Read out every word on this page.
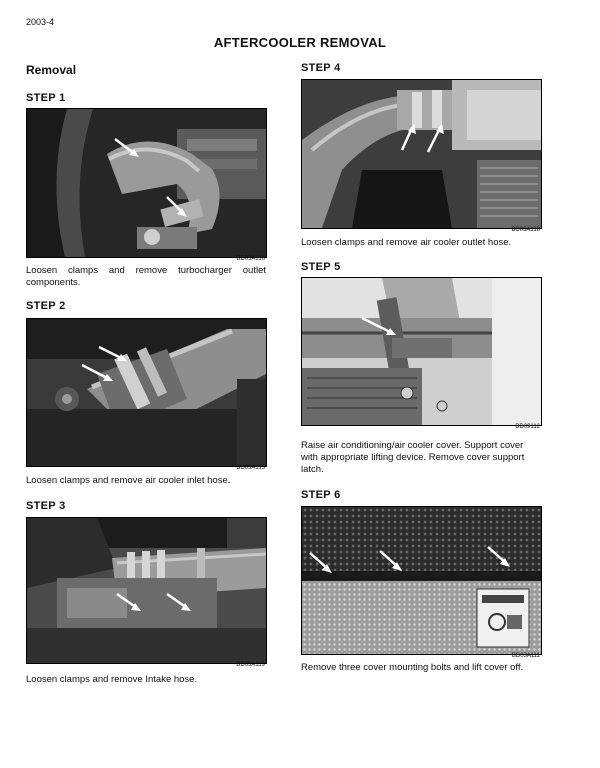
2003-4
AFTERCOOLER REMOVAL
Removal
STEP 1
BD03A116
Loosen clamps and remove turbocharger outlet components.
STEP 2
BD03A115
Loosen clamps and remove air cooler inlet hose.
STEP 3
BD03A119
Loosen clamps and remove Intake hose.
STEP 4
BD03A118
Loosen clamps and remove air cooler outlet hose.
STEP 5
BD09112
Raise air conditioning/air cooler cover. Support cover with appropriate lifting device. Remove cover support latch.
STEP 6
BD03A111
Remove three cover mounting bolts and lift cover off.
